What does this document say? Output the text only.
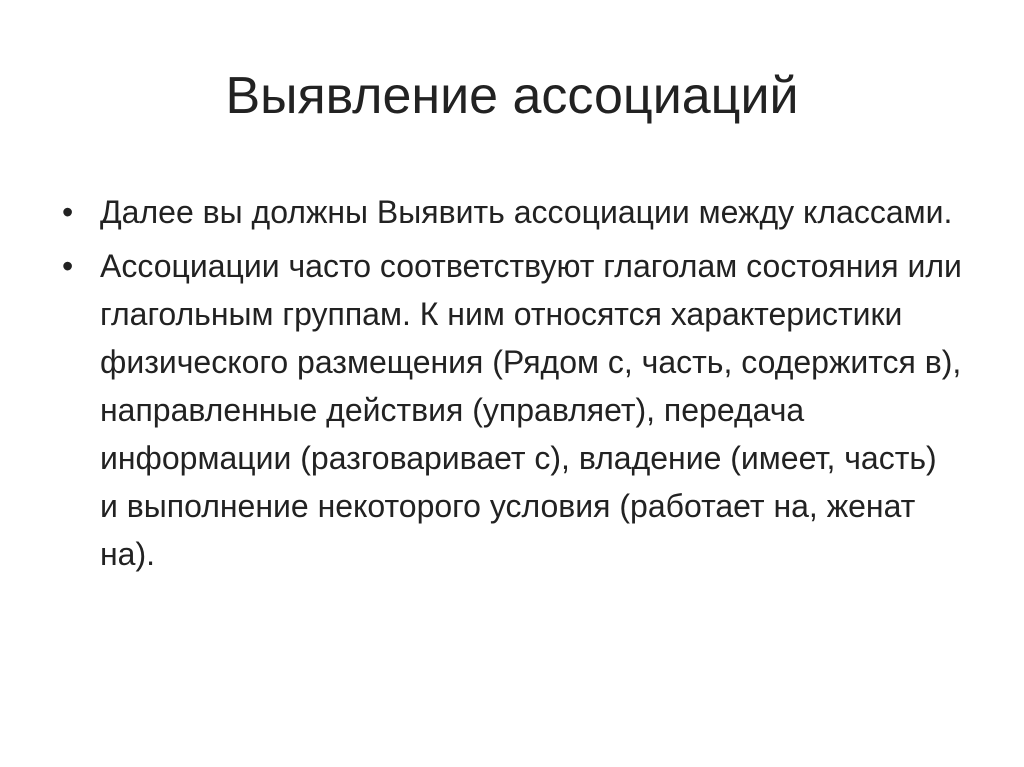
Выявление ассоциаций
• Далее вы должны Выявить ассоциации между классами.
• Ассоциации часто соответствуют глаголам состояния или глагольным группам. К ним относятся характеристики физического размещения (Рядом с, часть, содержится в), направленные действия (управляет), передача информации (разговаривает с), владение (имеет, часть) и выполнение некоторого условия (работает на, женат на).
